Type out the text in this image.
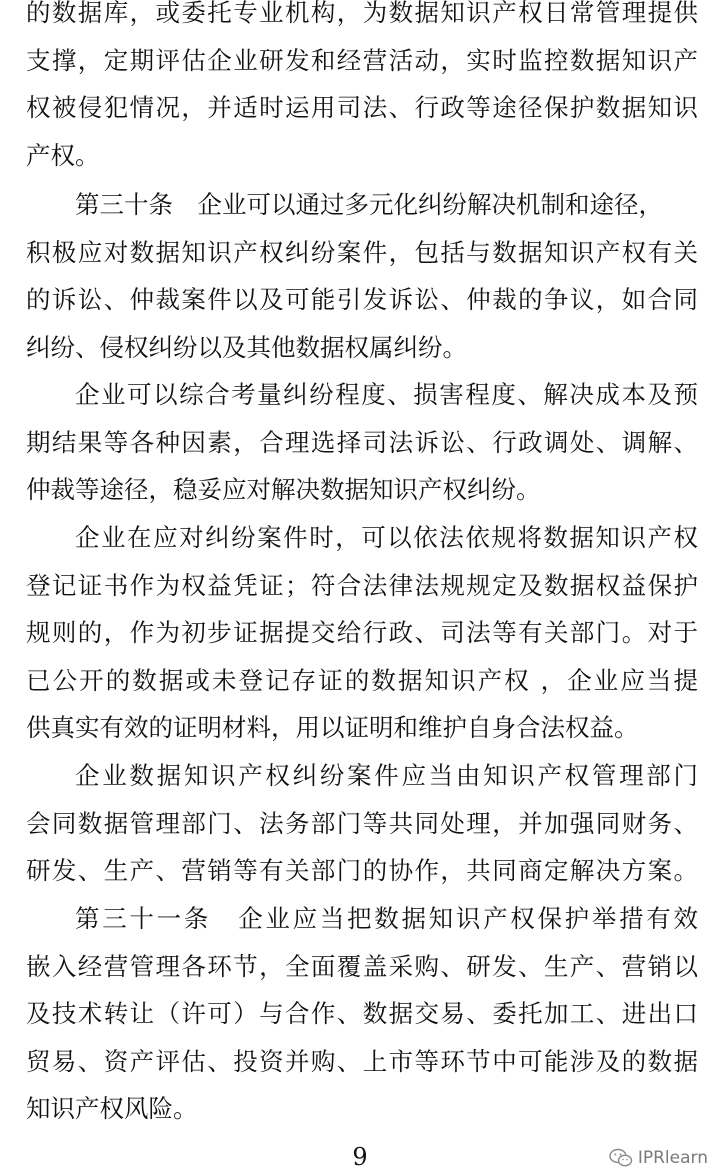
的数据库，或委托专业机构，为数据知识产权日常管理提供
支撑，定期评估企业研发和经营活动，实时监控数据知识产
权被侵犯情况，并适时运用司法、行政等途径保护数据知识
产权。

第三十条　企业可以通过多元化纠纷解决机制和途径，
积极应对数据知识产权纠纷案件，包括与数据知识产权有关
的诉讼、仲裁案件以及可能引发诉讼、仲裁的争议，如合同
纠纷、侵权纠纷以及其他数据权属纠纷。

企业可以综合考量纠纷程度、损害程度、解决成本及预
期结果等各种因素，合理选择司法诉讼、行政调处、调解、
仲裁等途径，稳妥应对解决数据知识产权纠纷。

企业在应对纠纷案件时，可以依法依规将数据知识产权
登记证书作为权益凭证；符合法律法规规定及数据权益保护
规则的，作为初步证据提交给行政、司法等有关部门。对于
已公开的数据或未登记存证的数据知识产权 ，企业应当提
供真实有效的证明材料，用以证明和维护自身合法权益。

企业数据知识产权纠纷案件应当由知识产权管理部门
会同数据管理部门、法务部门等共同处理，并加强同财务、
研发、生产、营销等有关部门的协作，共同商定解决方案。

第三十一条　企业应当把数据知识产权保护举措有效
嵌入经营管理各环节，全面覆盖采购、研发、生产、营销以
及技术转让（许可）与合作、数据交易、委托加工、进出口
贸易、资产评估、投资并购、上市等环节中可能涉及的数据
知识产权风险。

9	IPRlearn
